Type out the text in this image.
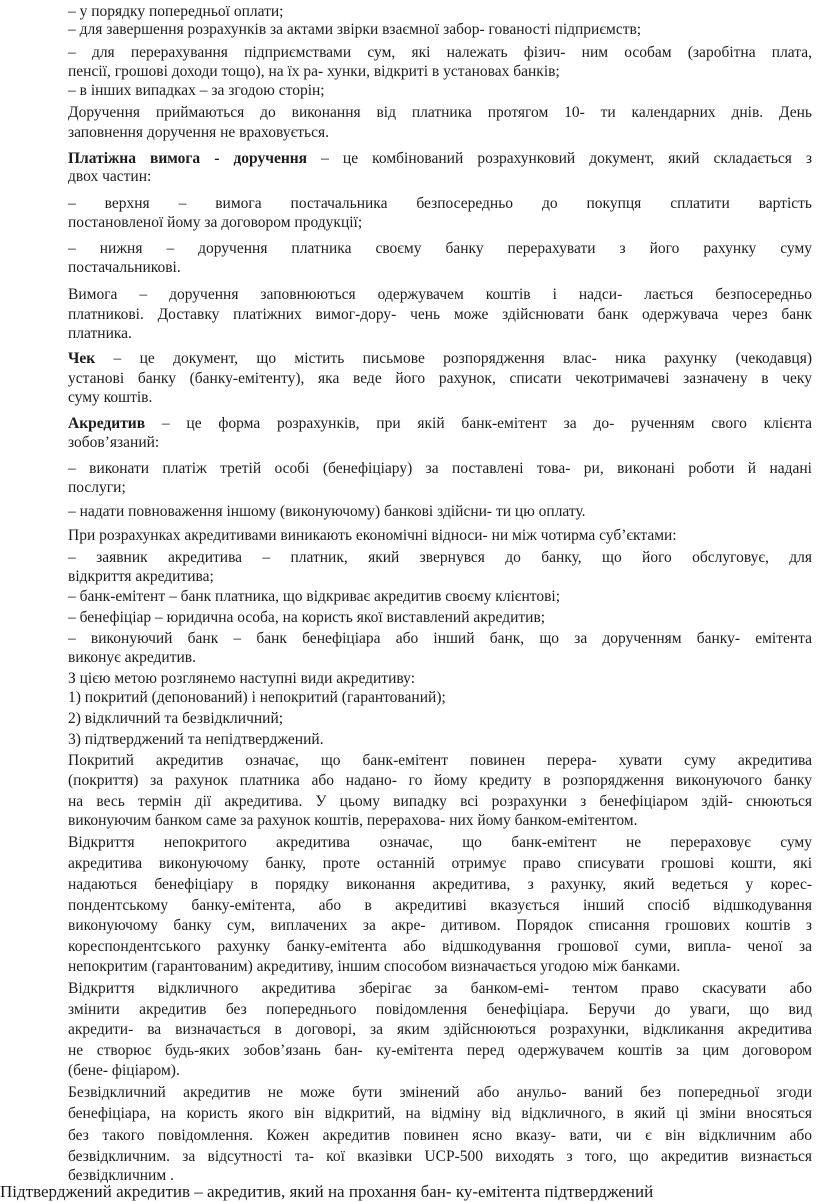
– у порядку попередньої оплати;
– для завершення розрахунків за актами звірки взаємної забор- гованості підприємств;
– для перерахування підприємствами сум, які належать фізич- ним особам (заробітна плата,
пенсії, грошові доходи тощо), на їх ра- хунки, відкриті в установах банків;
– в інших випадках – за згодою сторін;
Доручення приймаються до виконання від платника протягом 10- ти календарних днів. День
заповнення доручення не враховується.
Платіжна вимога - доручення – це комбінований розрахунковий документ, який складається з
двох частин:
– верхня – вимога постачальника безпосередньо до покупця сплатити вартість
постановленої йому за договором продукції;
– нижня – доручення платника своєму банку перерахувати з його рахунку суму
постачальникові.
Вимога – доручення заповнюються одержувачем коштів і надси- лається безпосередньо
платникові. Доставку платіжних вимог-дору- чень може здійснювати банк одержувача через банк
платника.
Чек – це документ, що містить письмове розпорядження влас- ника рахунку (чекодавця)
установі банку (банку-емітенту), яка веде його рахунок, списати чекотримачеві зазначену в чеку
суму коштів.
Акредитив – це форма розрахунків, при якій банк-емітент за до- рученням свого клієнта
зобов’язаний:
– виконати платіж третій особі (бенефіціару) за поставлені това- ри, виконані роботи й надані
послуги;
– надати повноваження іншому (виконуючому) банкові здійсни- ти цю оплату.
При розрахунках акредитивами виникають економічні відноси- ни між чотирма суб’єктами:
– заявник акредитива – платник, який звернувся до банку, що його обслуговує, для
відкриття акредитива;
– банк-емітент – банк платника, що відкриває акредитив своєму клієнтові;
– бенефіціар – юридична особа, на користь якої виставлений акредитив;
– виконуючий банк – банк бенефіціара або інший банк, що за дорученням банку- емітента
виконує акредитив.
З цією метою розглянемо наступні види акредитиву:
1) покритий (депонований) і непокритий (гарантований);
2) відкличний та безвідкличний;
3) підтверджений та непідтверджений.
Покритий акредитив означає, що банк-емітент повинен перера- хувати суму акредитива
(покриття) за рахунок платника або надано- го йому кредиту в розпорядження виконуючого банку
на весь термін дії акредитива. У цьому випадку всі розрахунки з бенефіціаром здій- снюються
виконуючим банком саме за рахунок коштів, перерахова- них йому банком-емітентом.
Відкриття непокритого акредитива означає, що банк-емітент не перераховує суму
акредитива виконуючому банку, проте останній отримує право списувати грошові кошти, які
надаються бенефіціару в порядку виконання акредитива, з рахунку, який ведеться у корес-
пондентському банку-емітента, або в акредитиві вказується інший спосіб відшкодування
виконуючому банку сум, виплачених за акре- дитивом. Порядок списання грошових коштів з
кореспондентського рахунку банку-емітента або відшкодування грошової суми, випла- ченої за
непокритим (гарантованим) акредитиву, іншим способом визначається угодою між банками.
Відкриття відкличного акредитива зберігає за банком-емі- тентом право скасувати або
змінити акредитив без попереднього повідомлення бенефіціара. Беручи до уваги, що вид
акредити- ва визначається в договорі, за яким здійснюються розрахунки, відкликання акредитива
не створює будь-яких зобов’язань бан- ку-емітента перед одержувачем коштів за цим договором
(бене- фіціаром).
Безвідкличний акредитив не може бути змінений або анульо- ваний без попередньої згоди
бенефіціара, на користь якого він відкритий, на відміну від відкличного, в який ці зміни вносяться
без такого повідомлення. Кожен акредитив повинен ясно вказу- вати, чи є він відкличним або
безвідкличним. за відсутності та- кої вказівки UCP-500 виходять з того, що акредитив визнається
безвідкличним .
Підтверджений акредитив – акредитив, який на прохання бан- ку-емітента підтверджений
